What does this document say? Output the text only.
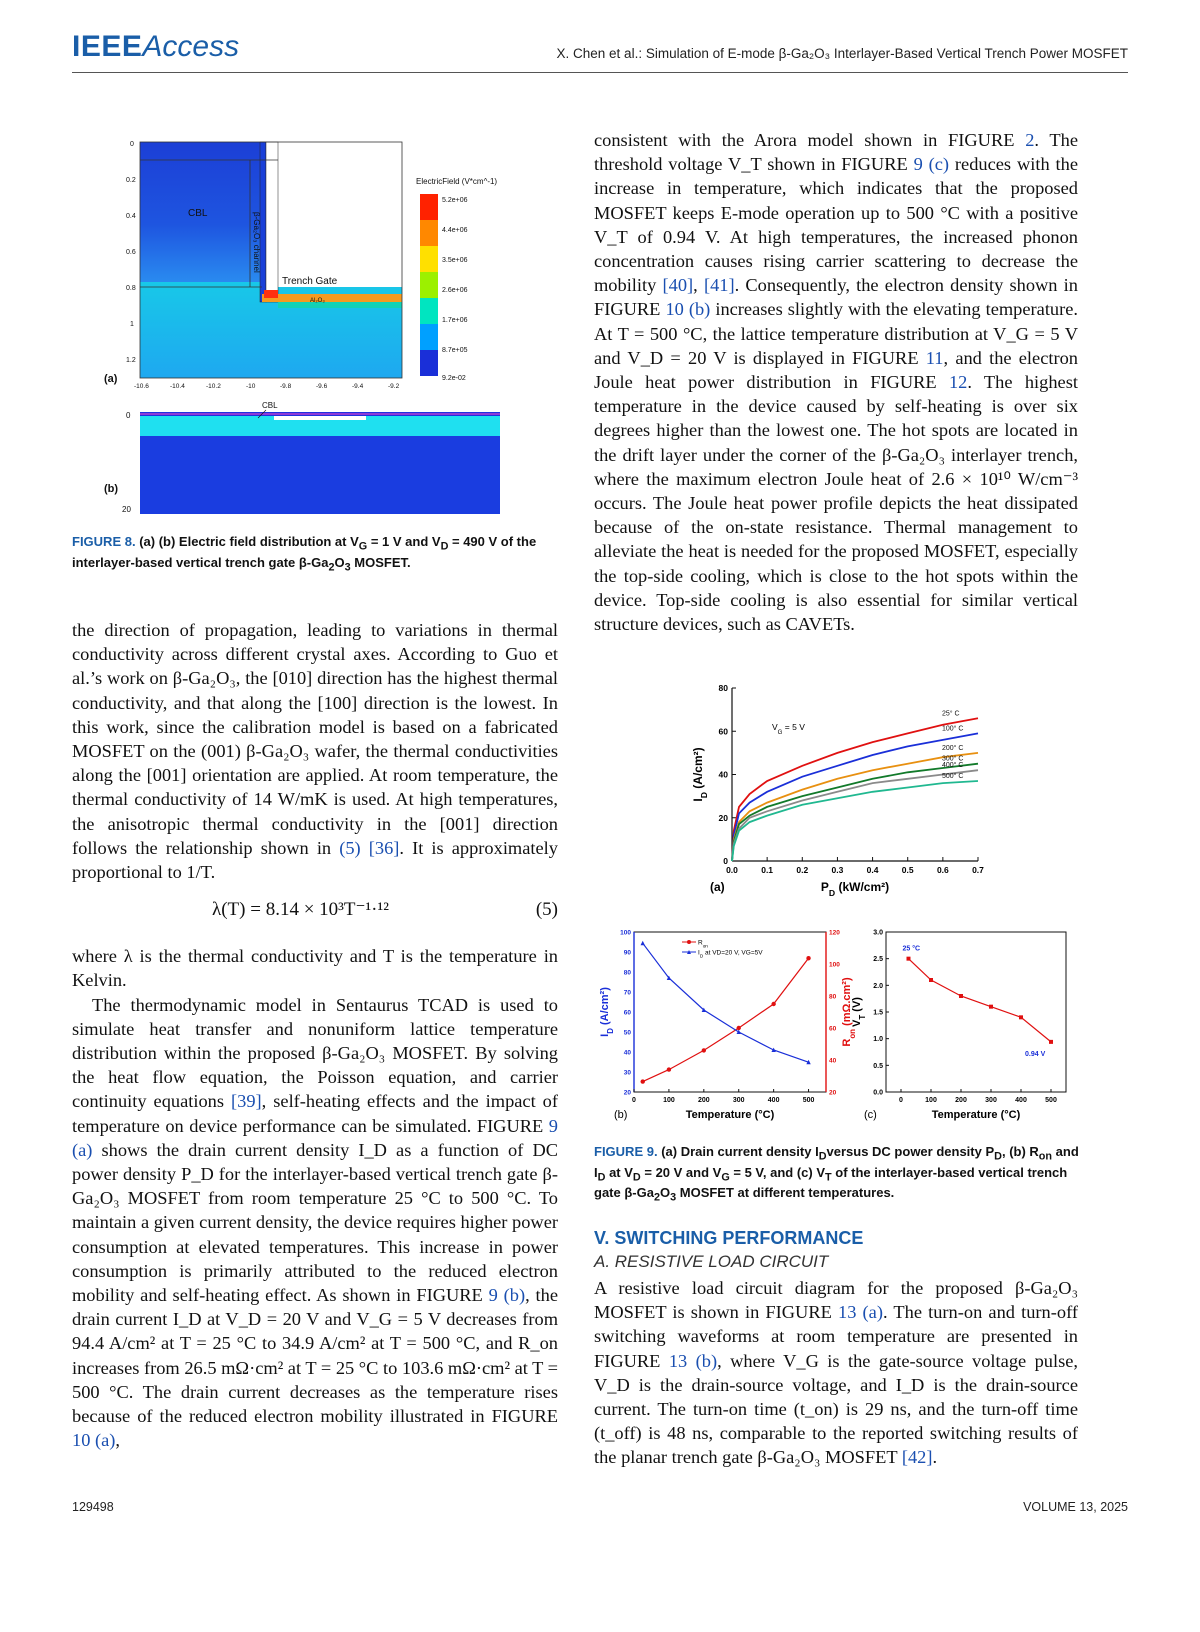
IEEEAccess	X. Chen et al.: Simulation of E-mode β-Ga₂O₃ Interlayer-Based Vertical Trench Power MOSFET
CBL	β-Ga₂O₃ channel
Trench Gate
Al₂O₃
0
0.2
0.4
0.6
0.8
1
1.2
-10.6	-10.4	-10.2	-10	-9.8	-9.6	-9.4	-9.2
(a)
ElectricField (V*cm^-1)
5.2e+06
4.4e+06
3.5e+06
2.6e+06
1.7e+06
8.7e+05
9.2e-02
CBL
0
20
(b)
FIGURE 8. (a) (b) Electric field distribution at $V_G = 1$ V and $V_D = 490$ V of the interlayer-based vertical trench gate $\beta-Ga_2O_3$ MOSFET.

the direction of propagation, leading to variations in thermal conductivity across different crystal axes. According to Guo et al.’s work on β-Ga₂O₃, the [010] direction has the highest thermal conductivity, and that along the [100] direction is the lowest. In this work, since the calibration model is based on a fabricated MOSFET on the (001) β-Ga₂O₃ wafer, the thermal conductivities along the [001] orientation are applied. At room temperature, the thermal conductivity of 14 W/mK is used. At high temperatures, the anisotropic thermal conductivity in the [001] direction follows the relationship shown in (5) [36]. It is approximately proportional to 1/T.

λ(T) = 8.14 × 10³T⁻¹·¹²	(5)

where λ is the thermal conductivity and T is the temperature in Kelvin.

The thermodynamic model in Sentaurus TCAD is used to simulate heat transfer and nonuniform lattice temperature distribution within the proposed β-Ga₂O₃ MOSFET. By solving the heat flow equation, the Poisson equation, and carrier continuity equations [39], self-heating effects and the impact of temperature on device performance can be simulated. FIGURE 9 (a) shows the drain current density I_D as a function of DC power density P_D for the interlayer-based vertical trench gate β-Ga₂O₃ MOSFET from room temperature 25 °C to 500 °C. To maintain a given current density, the device requires higher power consumption at elevated temperatures. This increase in power consumption is primarily attributed to the reduced electron mobility and self-heating effect. As shown in FIGURE 9 (b), the drain current I_D at V_D = 20 V and V_G = 5 V decreases from 94.4 A/cm² at T = 25 °C to 34.9 A/cm² at T = 500 °C, and R_on increases from 26.5 mΩ·cm² at T = 25 °C to 103.6 mΩ·cm² at T = 500 °C. The drain current decreases as the temperature rises because of the reduced electron mobility illustrated in FIGURE 10 (a),

consistent with the Arora model shown in FIGURE 2. The threshold voltage V_T shown in FIGURE 9 (c) reduces with the increase in temperature, which indicates that the proposed MOSFET keeps E-mode operation up to 500 °C with a positive V_T of 0.94 V. At high temperatures, the increased phonon concentration causes rising carrier scattering to decrease the mobility [40], [41]. Consequently, the electron density shown in FIGURE 10 (b) increases slightly with the elevating temperature. At T = 500 °C, the lattice temperature distribution at V_G = 5 V and V_D = 20 V is displayed in FIGURE 11, and the electron Joule heat power distribution in FIGURE 12. The highest temperature in the device caused by self-heating is over six degrees higher than the lowest one. The hot spots are located in the drift layer under the corner of the β-Ga₂O₃ interlayer trench, where the maximum electron Joule heat of 2.6 × 10¹⁰ W/cm⁻³ occurs. The Joule heat power profile depicts the heat dissipated because of the on-state resistance. Thermal management to alleviate the heat is needed for the proposed MOSFET, especially the top-side cooling, which is close to the hot spots within the device. Top-side cooling is also essential for similar vertical structure devices, such as CAVETs.

0.0	0.1	0.2	0.3	0.4	0.5	0.6	0.7
0
20
40
60
80
25° C
100° C
200° C
300° C
400° C
500° C
$V_G = 5$ V
$P_D$ (kW/cm²)
$I_D$ (A/cm²)
(a)
0	100	200	300	400	500
20
30
40
50
60
70
80
90
100
20
40
60
80
100
120
$R_{on}$
$I_D$ at VD=20 V, VG=5V
Temperature (°C)
$I_D$ (A/cm²)
$R_{on}$ (mΩ.cm²)
(b)
0	100	200	300	400	500
0.0
0.5
1.0
1.5
2.0
2.5
3.0
25 °C
0.94 V
Temperature (°C)
$V_T$ (V)
(c)
FIGURE 9. (a) Drain current density $I_Dversus$ DC power density $P_D$, (b) $R_{on}$ and $I_D$ at $V_D = 20$ V and $V_G = 5$ V, and (c) $V_T$ of the interlayer-based vertical trench gate $\beta-Ga_2O_3$ MOSFET at different temperatures.
V. SWITCHING PERFORMANCE
A. RESISTIVE LOAD CIRCUIT

A resistive load circuit diagram for the proposed β-Ga₂O₃ MOSFET is shown in FIGURE 13 (a). The turn-on and turn-off switching waveforms at room temperature are presented in FIGURE 13 (b), where V_G is the gate-source voltage pulse, V_D is the drain-source voltage, and I_D is the drain-source current. The turn-on time (t_on) is 29 ns, and the turn-off time (t_off) is 48 ns, comparable to the reported switching results of the planar trench gate β-Ga₂O₃ MOSFET [42].

129498	VOLUME 13, 2025
